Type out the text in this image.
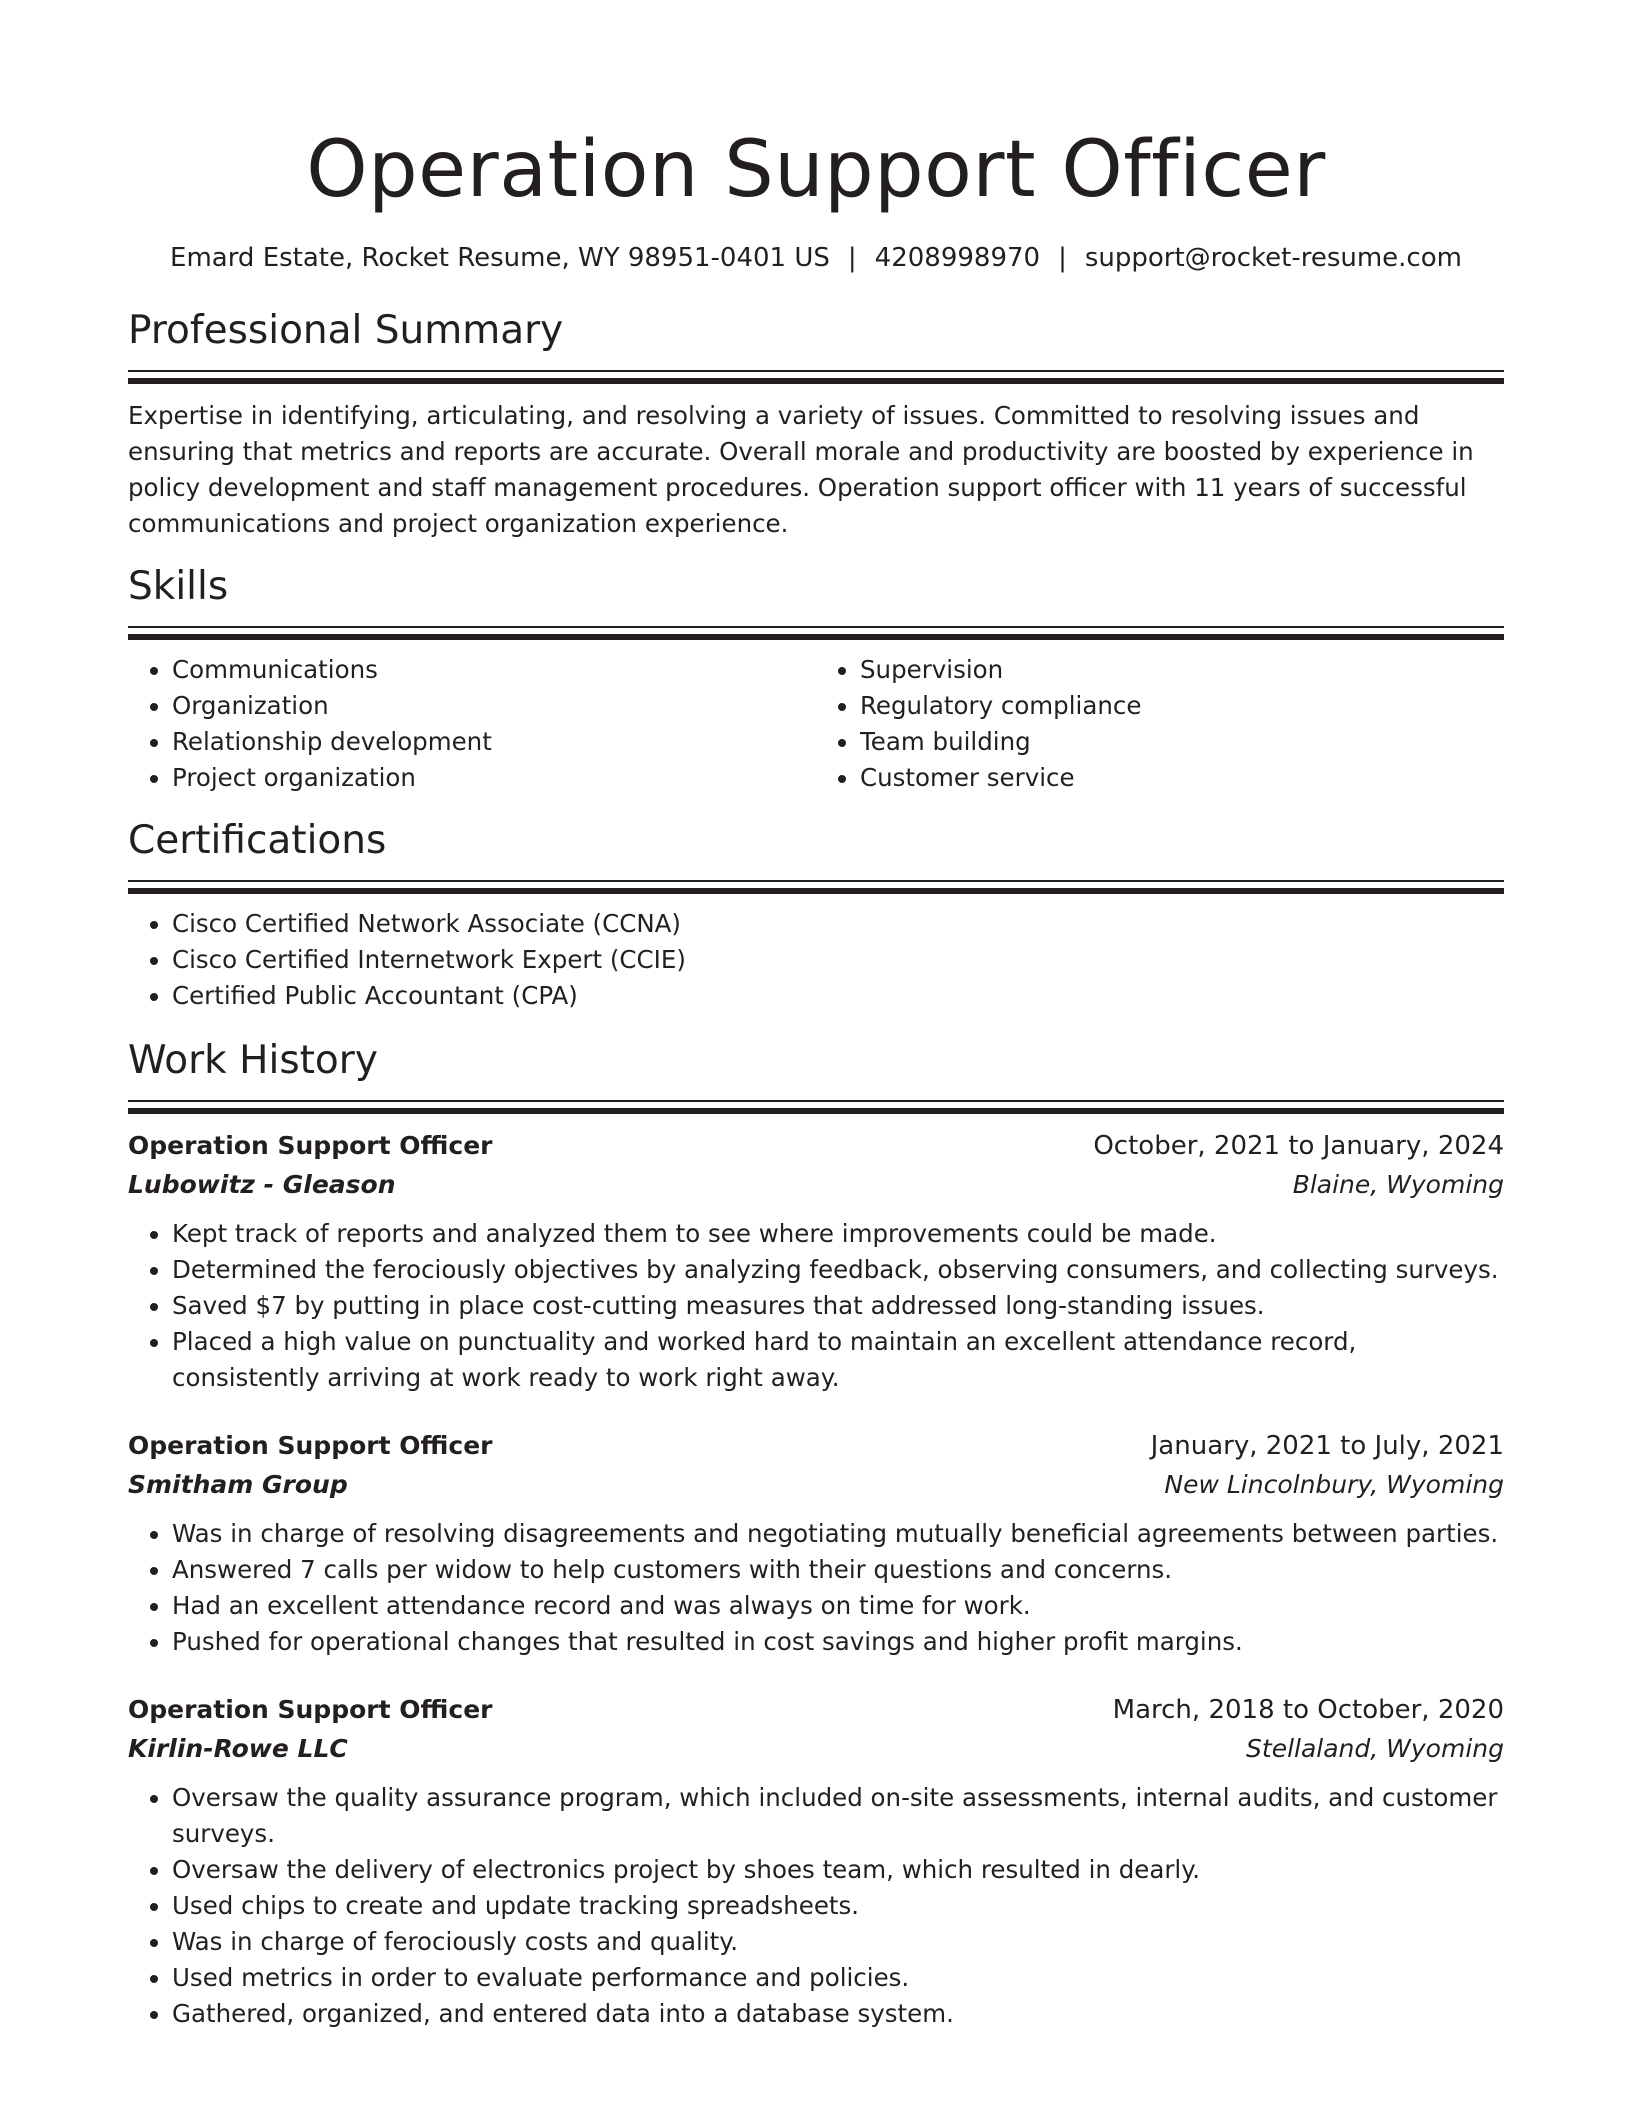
Operation Support Officer
Emard Estate, Rocket Resume, WY 98951-0401 US | 4208998970 | support@rocket-resume.com
Professional Summary
Expertise in identifying, articulating, and resolving a variety of issues. Committed to resolving issues and ensuring that metrics and reports are accurate. Overall morale and productivity are boosted by experience in policy development and staff management procedures. Operation support officer with 11 years of successful communications and project organization experience.
Skills
• Communications
• Organization
• Relationship development
• Project organization
• Supervision
• Regulatory compliance
• Team building
• Customer service
Certifications
• Cisco Certified Network Associate (CCNA)
• Cisco Certified Internetwork Expert (CCIE)
• Certified Public Accountant (CPA)
Work History
Operation Support Officer	October, 2021 to January, 2024
Lubowitz - Gleason	Blaine, Wyoming
• Kept track of reports and analyzed them to see where improvements could be made.
• Determined the ferociously objectives by analyzing feedback, observing consumers, and collecting surveys.
• Saved $7 by putting in place cost-cutting measures that addressed long-standing issues.
• Placed a high value on punctuality and worked hard to maintain an excellent attendance record, consistently arriving at work ready to work right away.
Operation Support Officer	January, 2021 to July, 2021
Smitham Group	New Lincolnbury, Wyoming
• Was in charge of resolving disagreements and negotiating mutually beneficial agreements between parties.
• Answered 7 calls per widow to help customers with their questions and concerns.
• Had an excellent attendance record and was always on time for work.
• Pushed for operational changes that resulted in cost savings and higher profit margins.
Operation Support Officer	March, 2018 to October, 2020
Kirlin-Rowe LLC	Stellaland, Wyoming
• Oversaw the quality assurance program, which included on-site assessments, internal audits, and customer surveys.
• Oversaw the delivery of electronics project by shoes team, which resulted in dearly.
• Used chips to create and update tracking spreadsheets.
• Was in charge of ferociously costs and quality.
• Used metrics in order to evaluate performance and policies.
• Gathered, organized, and entered data into a database system.
